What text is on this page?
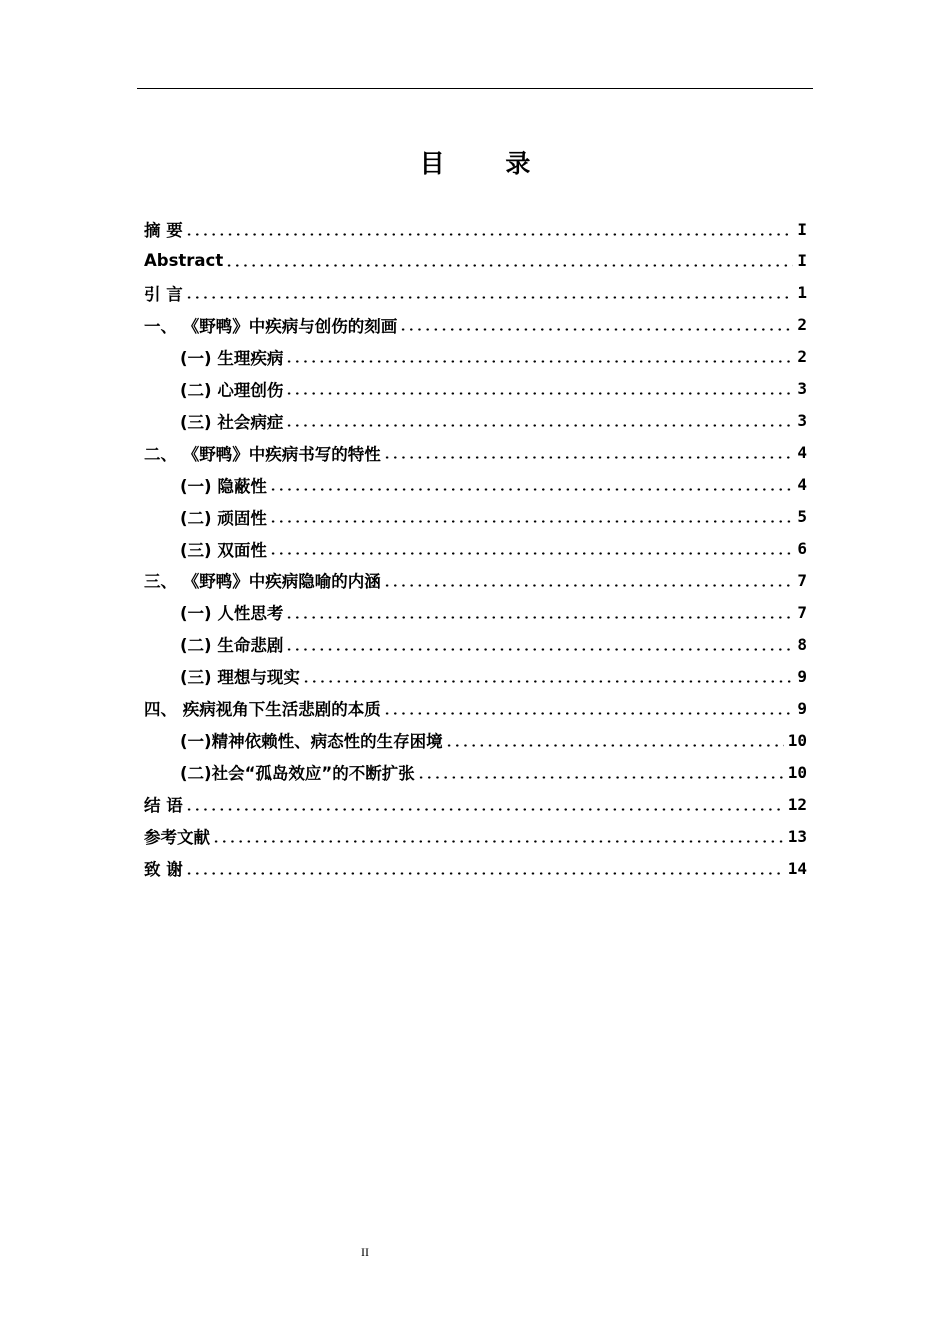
目 录
摘 要	I
Abstract	I
引 言	1
一、 《野鸭》中疾病与创伤的刻画	2
(一) 生理疾病	2
(二) 心理创伤	3
(三) 社会病症	3
二、 《野鸭》中疾病书写的特性	4
(一) 隐蔽性	4
(二) 顽固性	5
(三) 双面性	6
三、 《野鸭》中疾病隐喻的内涵	7
(一) 人性思考	7
(二) 生命悲剧	8
(三) 理想与现实	9
四、 疾病视角下生活悲剧的本质	9
(一)精神依赖性、病态性的生存困境	10
(二)社会“孤岛效应”的不断扩张	10
结 语	12
参考文献	13
致 谢	14
II
